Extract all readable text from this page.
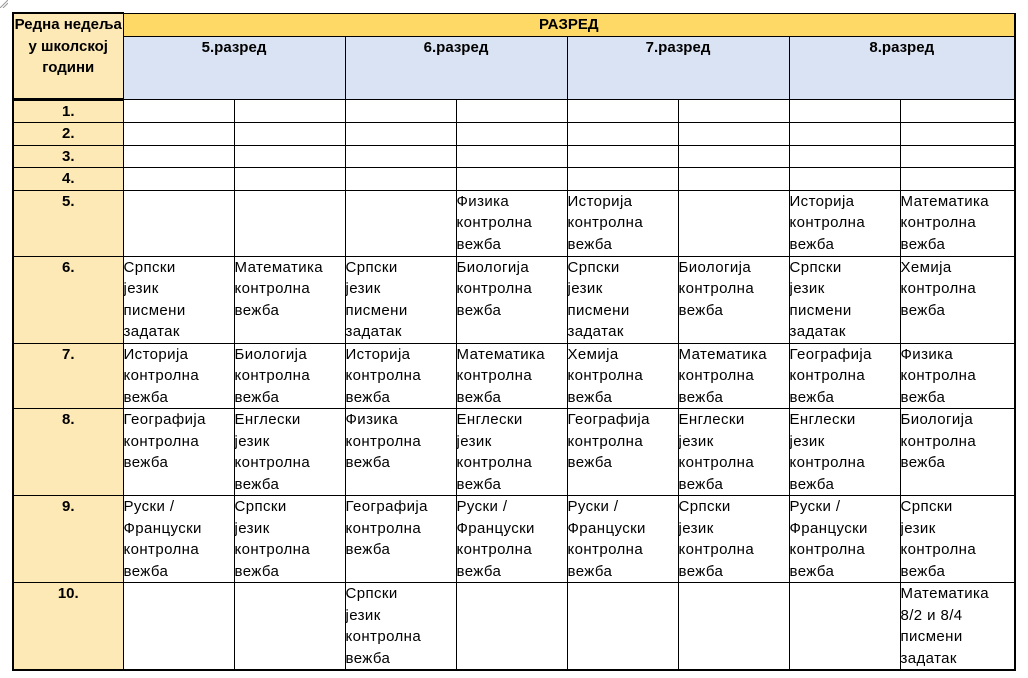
Редна недеља у школској години	РАЗРЕД							
	5.разред		6.разред		7.разред		8.разред	
1.								
2.								
3.								
4.								
5.				Физика
контролна
вежба	Историја
контролна
вежба		Историја
контролна
вежба	Математика
контролна
вежба
6.	Српски
језик
писмени
задатак	Математика
контролна
вежба	Српски
језик
писмени
задатак	Биологија
контролна
вежба	Српски
језик
писмени
задатак	Биологија
контролна
вежба	Српски
језик
писмени
задатак	Хемија
контролна
вежба
7.	Историја
контролна
вежба	Биологија
контролна
вежба	Историја
контролна
вежба	Математика
контролна
вежба	Хемија
контролна
вежба	Математика
контролна
вежба	Географија
контролна
вежба	Физика
контролна
вежба
8.	Географија
контролна
вежба	Енглески
језик
контролна
вежба	Физика
контролна
вежба	Енглески
језик
контролна
вежба	Географија
контролна
вежба	Енглески
језик
контролна
вежба	Енглески
језик
контролна
вежба	Биологија
контролна
вежба
9.	Руски /
Француски
контролна
вежба	Српски
језик
контролна
вежба	Географија
контролна
вежба	Руски /
Француски
контролна
вежба	Руски /
Француски
контролна
вежба	Српски
језик
контролна
вежба	Руски /
Француски
контролна
вежба	Српски
језик
контролна
вежба
10.			Српски
језик
контролна
вежба					Математика
8/2 и 8/4
писмени
задатак
